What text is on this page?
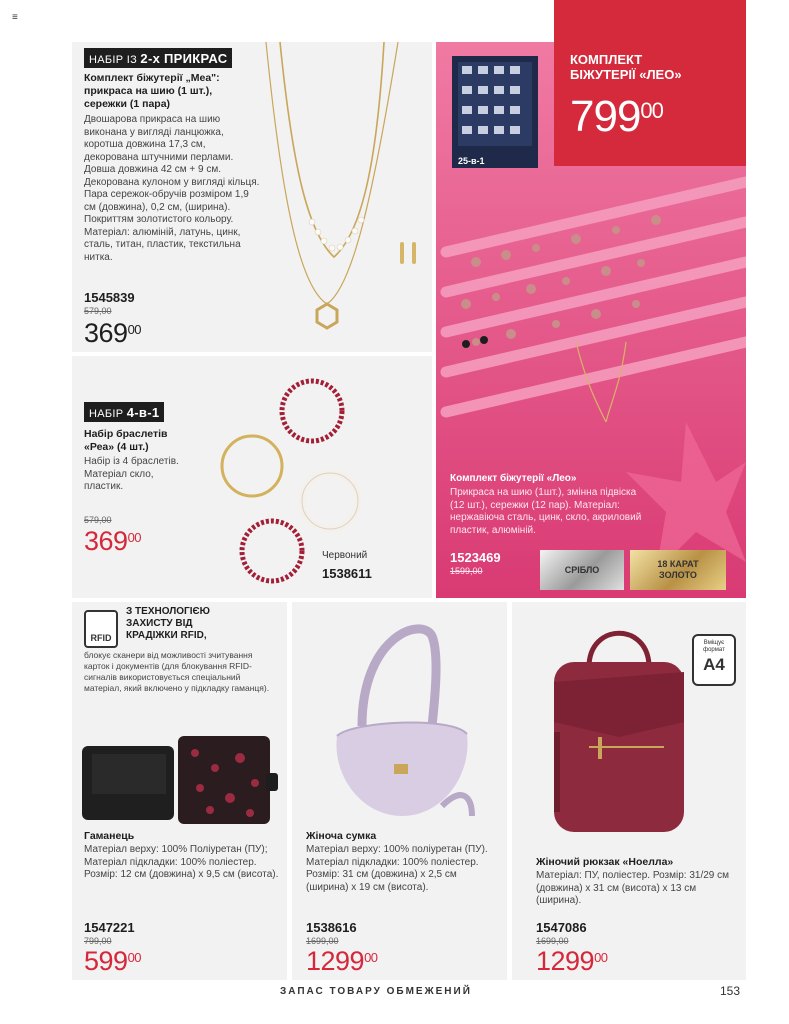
≡
НАБІР ІЗ 2-х ПРИКРАС
Комплект біжутерії „Меа": прикраса на шию (1 шт.), сережки (1 пара)
Двошарова прикраса на шию виконана у вигляді ланцюжка, коротша довжина 17,3 см, декорована штучними перлами. Довша довжина 42 см + 9 см. Декорована кулоном у вигляді кільця. Пара сережок-обручів розміром 1,9 см (довжина), 0,2 см, (ширина). Покриттям золотистого кольору. Матеріал: алюміній, латунь, цинк, сталь, титан, пластик, текстильна нитка.
1545839
579,00
$369^{00}$
НАБІР 4-в-1
Набір браслетів «Реа» (4 шт.)
Набір із 4 браслетів. Матеріал скло, пластик.
579,00
$369^{00}$
Червоний
1538611
25-в-1
КОМПЛЕКТ БІЖУТЕРІЇ «ЛЕО»
$799^{00}$
Комплект біжутерії «Лео»
Прикраса на шию (1шт.), змінна підвіска (12 шт.), сережки (12 пар). Матеріал: нержавіюча сталь, цинк, скло, акриловий пластик, алюміній.
1523469
1599,00	СРІБЛО
18 КАРАТ ЗОЛОТО
RFID
З ТЕХНОЛОГІЄЮ ЗАХИСТУ ВІД КРАДІЖКИ RFID,
блокує сканери від можливості зчитування карток і документів (для блокування RFID-сигналів використовується спеціальний матеріал, який включено у підкладку гаманця).
Гаманець
Матеріал верху: 100% Поліуретан (ПУ); Матеріал підкладки: 100% поліестер. Розмір: 12 см (довжина) х 9,5 см (висота).
1547221
799,00
$599^{00}$
Жіноча сумка
Матеріал верху: 100% поліуретан (ПУ). Матеріал підкладки: 100% поліестер. Розмір: 31 см (довжина) х 2,5 см (ширина) х 19 см (висота).
1538616
1699,00
1299$^{00}$
Вміщує формат
A4
Жіночий рюкзак «Ноелла»
Матеріал: ПУ, поліестер. Розмір: 31/29 см (довжина) х 31 см (висота) х 13 см (ширина).
1547086
1699,00
1299$^{00}$
ЗАПАС ТОВАРУ ОБМЕЖЕНИЙ	153
